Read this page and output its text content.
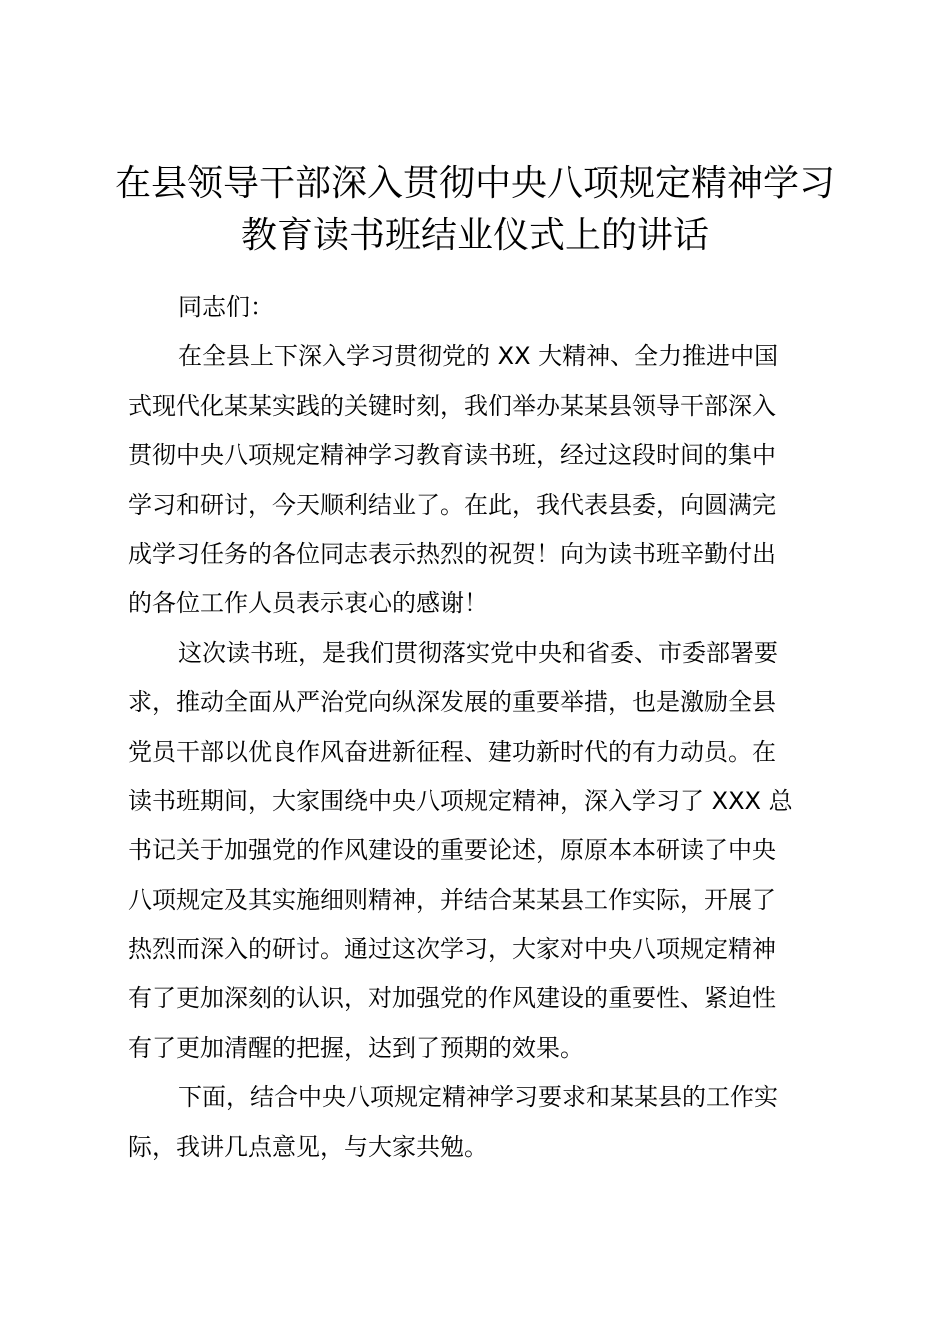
在县领导干部深入贯彻中央八项规定精神学习
教育读书班结业仪式上的讲话
同志们：
在全县上下深入学习贯彻党的 XX 大精神、全力推进中国
式现代化某某实践的关键时刻，我们举办某某县领导干部深入
贯彻中央八项规定精神学习教育读书班，经过这段时间的集中
学习和研讨，今天顺利结业了。在此，我代表县委，向圆满完
成学习任务的各位同志表示热烈的祝贺！向为读书班辛勤付出
的各位工作人员表示衷心的感谢！
这次读书班，是我们贯彻落实党中央和省委、市委部署要
求，推动全面从严治党向纵深发展的重要举措，也是激励全县
党员干部以优良作风奋进新征程、建功新时代的有力动员。在
读书班期间，大家围绕中央八项规定精神，深入学习了 XXX 总
书记关于加强党的作风建设的重要论述，原原本本研读了中央
八项规定及其实施细则精神，并结合某某县工作实际，开展了
热烈而深入的研讨。通过这次学习，大家对中央八项规定精神
有了更加深刻的认识，对加强党的作风建设的重要性、紧迫性
有了更加清醒的把握，达到了预期的效果。
下面，结合中央八项规定精神学习要求和某某县的工作实
际，我讲几点意见，与大家共勉。
